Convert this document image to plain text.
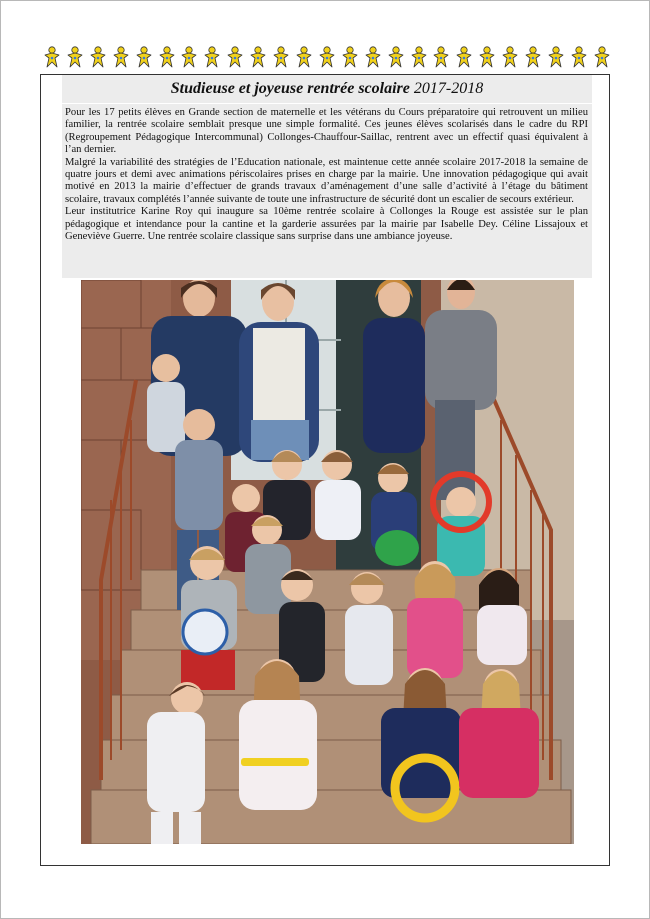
Studieuse et joyeuse rentrée scolaire 2017-2018

Pour les 17 petits élèves en Grande section de maternelle et les vétérans du Cours préparatoire qui retrouvent un milieu familier, la rentrée scolaire semblait presque une simple formalité. Ces jeunes élèves scolarisés dans le cadre du RPI (Regroupement Pédagogique Intercommunal) Collonges-Chauffour-Saillac, rentrent avec un effectif quasi équivalent à l’an dernier.

Malgré la variabilité des stratégies de l’Education nationale, est maintenue cette année scolaire 2017-2018 la semaine de quatre jours et demi avec animations périscolaires prises en charge par la mairie. Une innovation pédagogique qui avait motivé en 2013 la mairie d’effectuer de grands travaux d’aménagement d’une salle d’activité à l’étage du bâtiment scolaire, travaux complétés l’année suivante de toute une infrastructure de sécurité dont un escalier de secours extérieur.

Leur institutrice Karine Roy qui inaugure sa 10ème rentrée scolaire à Collonges la Rouge est assistée sur le plan pédagogique et intendance pour la cantine et la garderie assurées par la mairie par Isabelle Dey. Céline Lissajoux et Geneviève Guerre. Une rentrée scolaire classique sans surprise dans une ambiance joyeuse.
